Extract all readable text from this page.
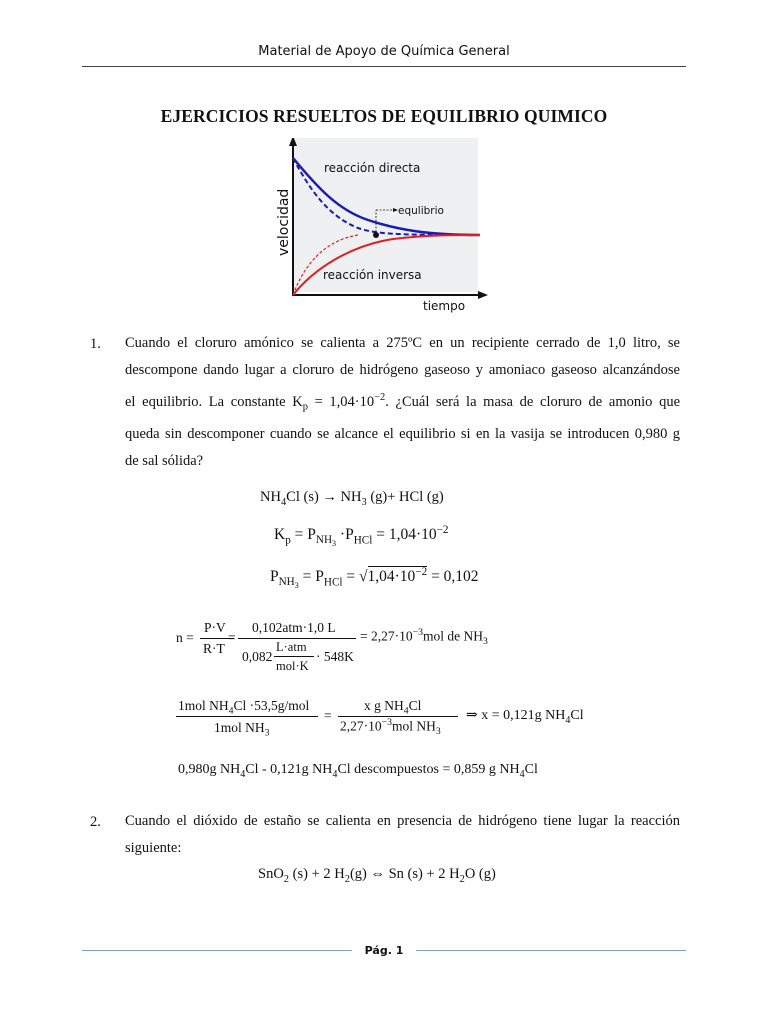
Material de Apoyo de Química General
EJERCICIOS RESUELTOS DE EQUILIBRIO QUIMICO
reacción directa
equlibrio
reacción inversa
tiempo
velocidad
1. Cuando el cloruro amónico se calienta a 275ºC en un recipiente cerrado de 1,0 litro, se
descompone dando lugar a cloruro de hidrógeno gaseoso y amoniaco gaseoso alcanzándose
el equilibrio. La constante $K_p = 1,04\cdot 10^{-2}$. ¿Cuál será la masa de cloruro de amonio que
queda sin descomponer cuando se alcance el equilibrio si en la vasija se introducen 0,980 g
de sal sólida?
$NH_4Cl$ $(s) \to NH_3$ (g)+ HCl (g)
$K_p = P_{NH_3} \cdot P_{HCl} = 1,04\cdot 10^{-2}$
$P_{NH_3} = P_{HCl} = √1,04\cdot 10^{-2} = 0,102$
n =
P·V
R·T
=
0,102atm·1,0 L
0,082
L·atm
mol·K
· 548K
= $2,27\cdot 10^{-3}mol$ de $NH_3$
1mol $NH_4Cl \cdot 53,5g/mol$
1mol $NH_3$
=
x g $NH_4Cl$
$2,27\cdot 10^{-3}mol$ $NH_3$
⇒ x = 0,121g $NH_4Cl$
0,980g $NH_4Cl - 0,121g$ $NH_4Cl$ descompuestos = 0,859 g $NH_4Cl$
2. Cuando el dióxido de estaño se calienta en presencia de hidrógeno tiene lugar la reacción
siguiente:
SnO$_2$ (s) + 2 $H_2(g)$ ⇔ Sn (s) + 2 $H_2O$ (g)
Pág. 1
